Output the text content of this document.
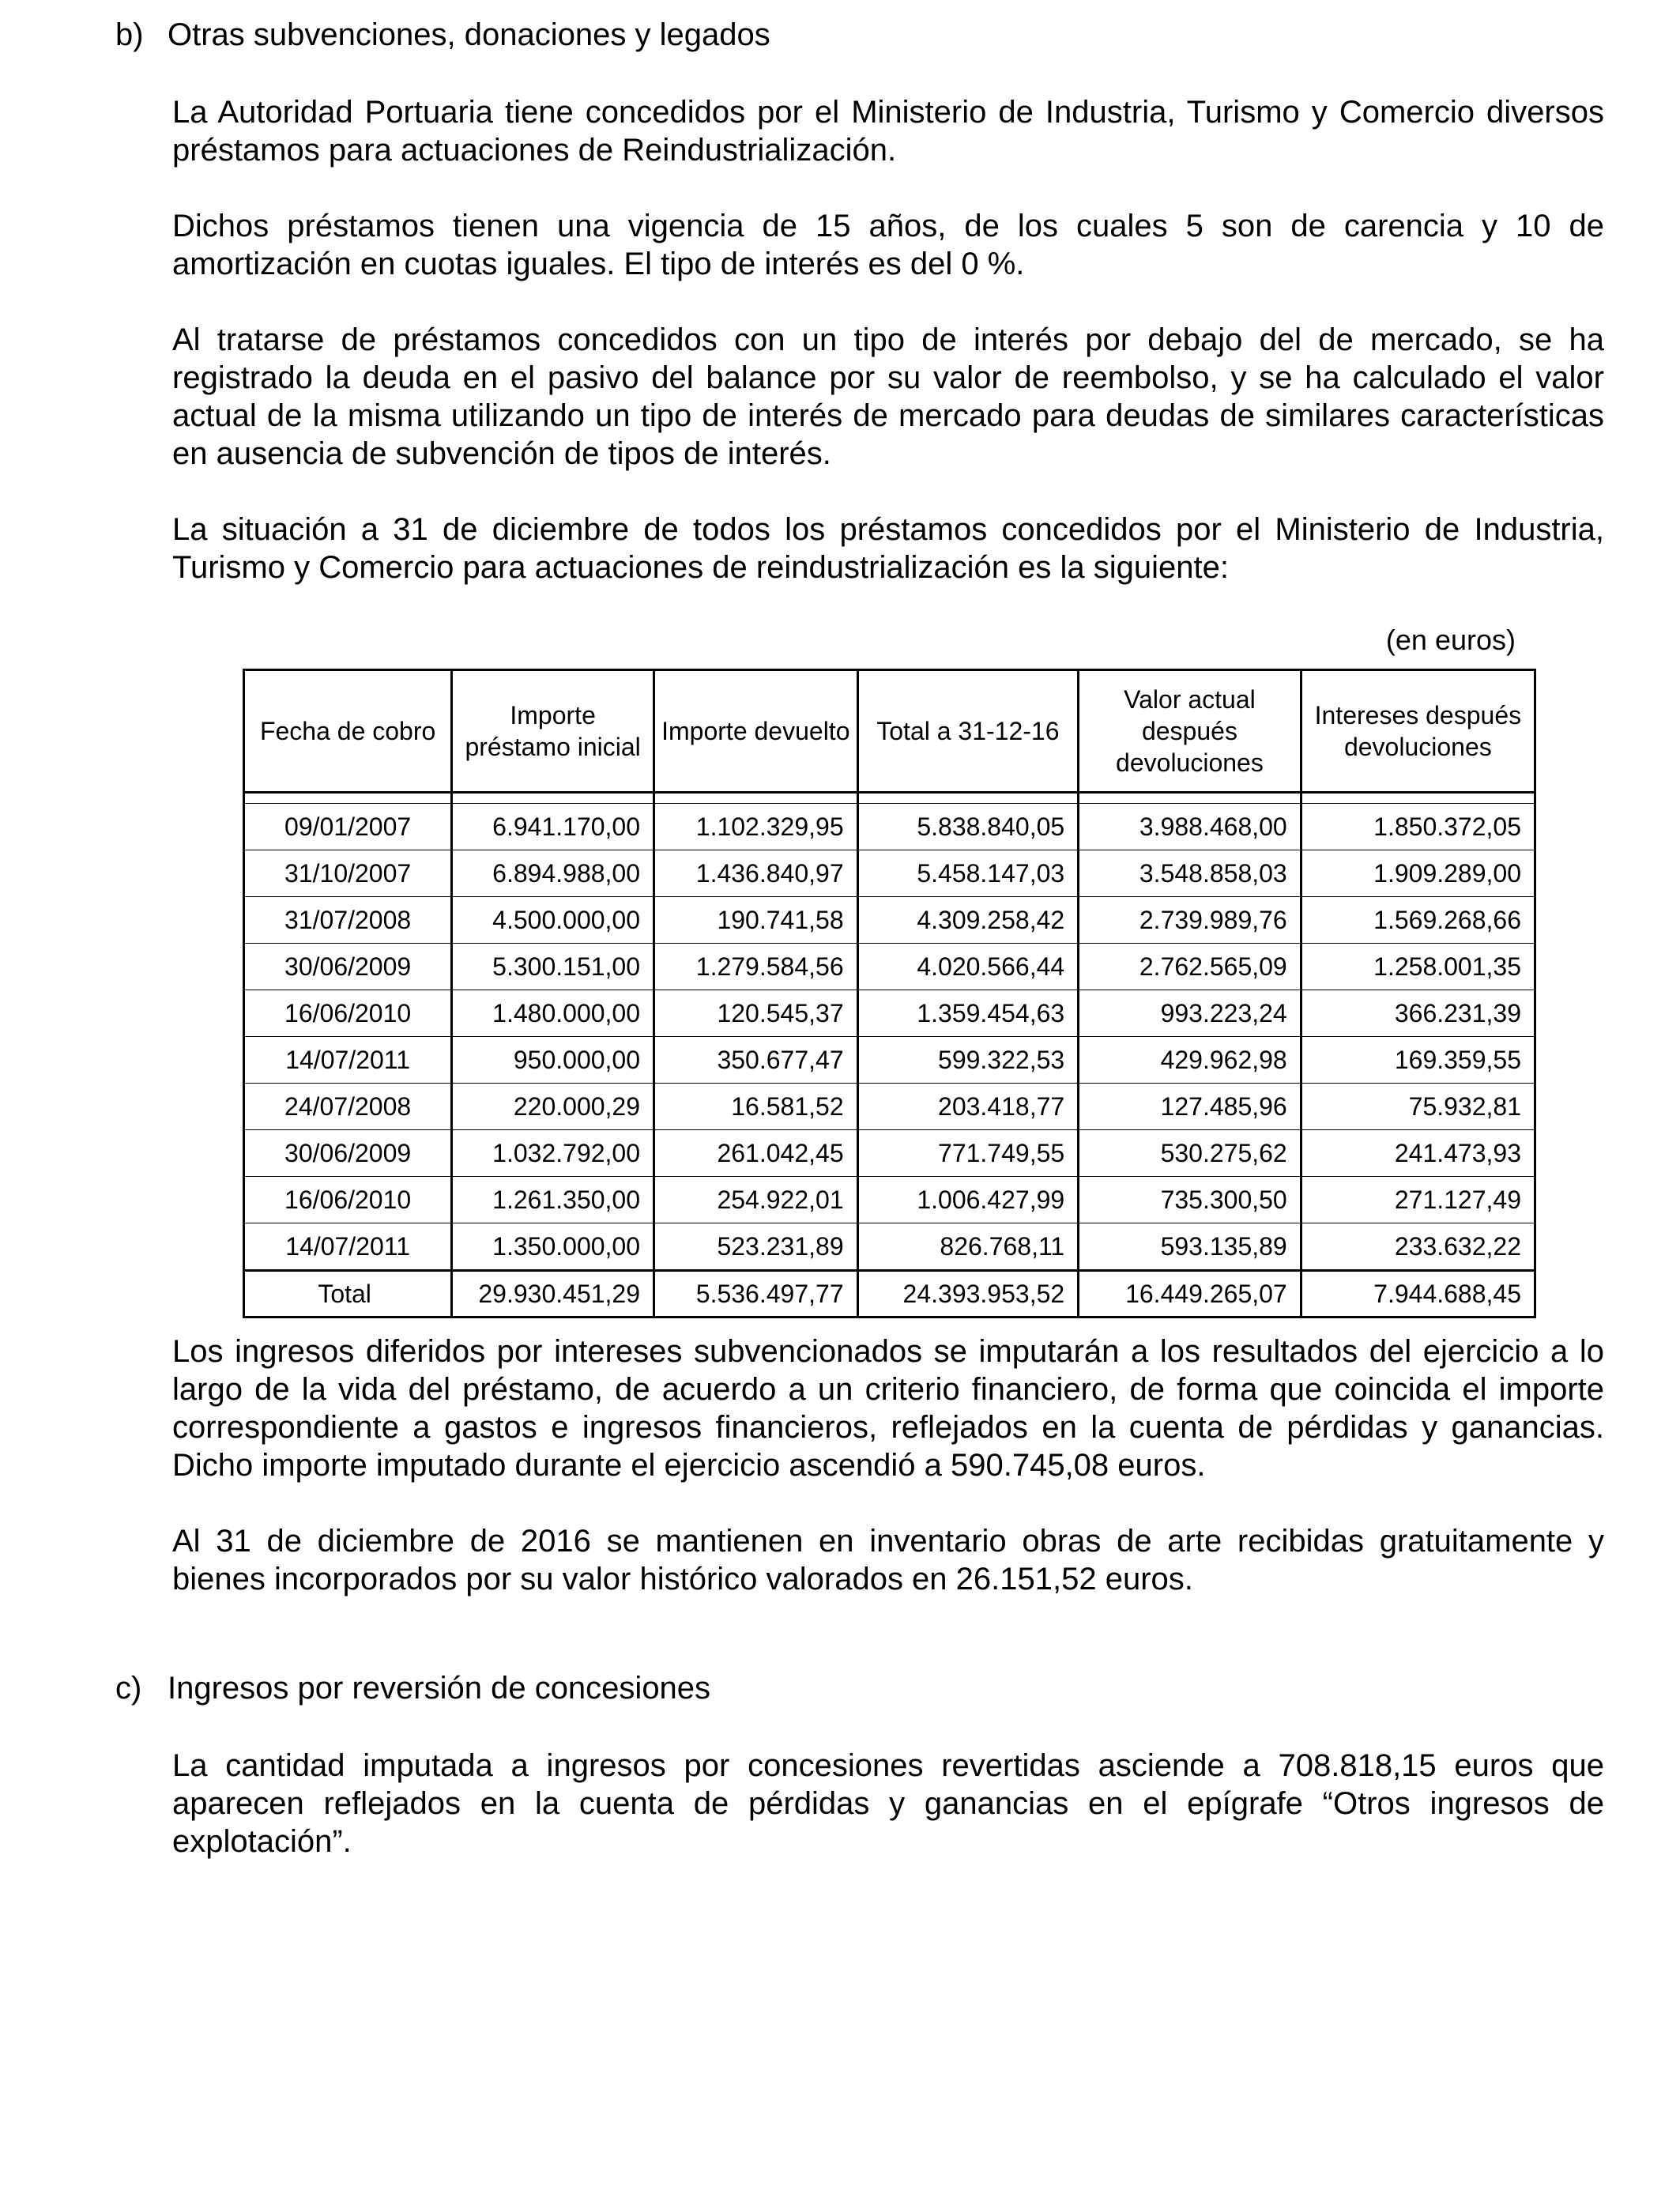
b) Otras subvenciones, donaciones y legados

La Autoridad Portuaria tiene concedidos por el Ministerio de Industria, Turismo y Comercio diversos préstamos para actuaciones de Reindustrialización.

Dichos préstamos tienen una vigencia de 15 años, de los cuales 5 son de carencia y 10 de amortización en cuotas iguales. El tipo de interés es del 0 %.

Al tratarse de préstamos concedidos con un tipo de interés por debajo del de mercado, se ha registrado la deuda en el pasivo del balance por su valor de reembolso, y se ha calculado el valor actual de la misma utilizando un tipo de interés de mercado para deudas de similares características en ausencia de subvención de tipos de interés.

La situación a 31 de diciembre de todos los préstamos concedidos por el Ministerio de Industria, Turismo y Comercio para actuaciones de reindustrialización es la siguiente:

(en euros)
Fecha de cobro	Importe préstamo inicial	Importe devuelto	Total a 31-12-16	Valor actual después devoluciones	Intereses después devoluciones

09/01/2007	6.941.170,00	1.102.329,95	5.838.840,05	3.988.468,00	1.850.372,05
31/10/2007	6.894.988,00	1.436.840,97	5.458.147,03	3.548.858,03	1.909.289,00
31/07/2008	4.500.000,00	190.741,58	4.309.258,42	2.739.989,76	1.569.268,66
30/06/2009	5.300.151,00	1.279.584,56	4.020.566,44	2.762.565,09	1.258.001,35
16/06/2010	1.480.000,00	120.545,37	1.359.454,63	993.223,24	366.231,39
14/07/2011	950.000,00	350.677,47	599.322,53	429.962,98	169.359,55
24/07/2008	220.000,29	16.581,52	203.418,77	127.485,96	75.932,81
30/06/2009	1.032.792,00	261.042,45	771.749,55	530.275,62	241.473,93
16/06/2010	1.261.350,00	254.922,01	1.006.427,99	735.300,50	271.127,49
14/07/2011	1.350.000,00	523.231,89	826.768,11	593.135,89	233.632,22
Total	29.930.451,29	5.536.497,77	24.393.953,52	16.449.265,07	7.944.688,45

Los ingresos diferidos por intereses subvencionados se imputarán a los resultados del ejercicio a lo largo de la vida del préstamo, de acuerdo a un criterio financiero, de forma que coincida el importe correspondiente a gastos e ingresos financieros, reflejados en la cuenta de pérdidas y ganancias. Dicho importe imputado durante el ejercicio ascendió a 590.745,08 euros.

Al 31 de diciembre de 2016 se mantienen en inventario obras de arte recibidas gratuitamente y bienes incorporados por su valor histórico valorados en 26.151,52 euros.

c) Ingresos por reversión de concesiones

La cantidad imputada a ingresos por concesiones revertidas asciende a 708.818,15 euros que aparecen reflejados en la cuenta de pérdidas y ganancias en el epígrafe “Otros ingresos de explotación”.
